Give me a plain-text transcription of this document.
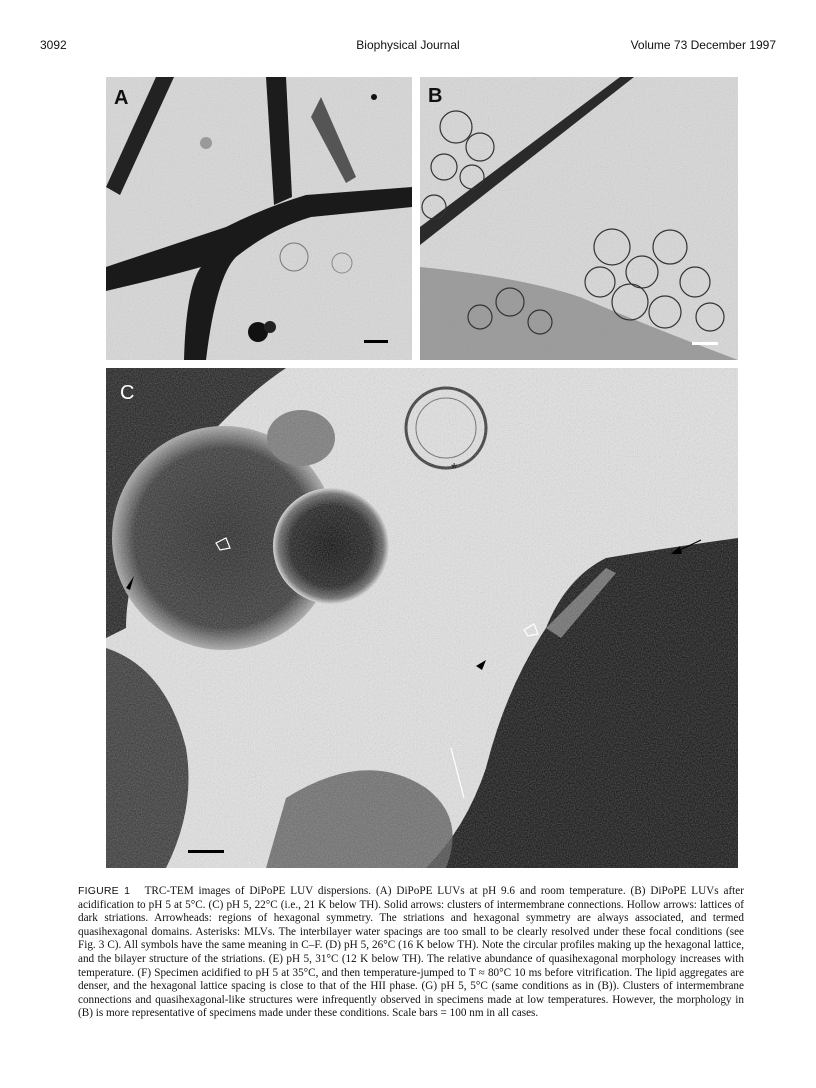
3092	Biophysical Journal	Volume 73 December 1997
A	B
C
FIGURE 1 TRC-TEM images of DiPoPE LUV dispersions. (A) DiPoPE LUVs at pH 9.6 and room temperature. (B) DiPoPE LUVs after acidification to pH 5 at 5°C. (C) pH 5, 22°C (i.e., 21 K below TH). Solid arrows: clusters of intermembrane connections. Hollow arrows: lattices of dark striations. Arrowheads: regions of hexagonal symmetry. The striations and hexagonal symmetry are always associated, and termed quasihexagonal domains. Asterisks: MLVs. The interbilayer water spacings are too small to be clearly resolved under these focal conditions (see Fig. 3 C). All symbols have the same meaning in C–F. (D) pH 5, 26°C (16 K below TH). Note the circular profiles making up the hexagonal lattice, and the bilayer structure of the striations. (E) pH 5, 31°C (12 K below TH). The relative abundance of quasihexagonal morphology increases with temperature. (F) Specimen acidified to pH 5 at 35°C, and then temperature-jumped to T ≈ 80°C 10 ms before vitrification. The lipid aggregates are denser, and the hexagonal lattice spacing is close to that of the HII phase. (G) pH 5, 5°C (same conditions as in (B)). Clusters of intermembrane connections and quasihexagonal-like structures were infrequently observed in specimens made at low temperatures. However, the morphology in (B) is more representative of specimens made under these conditions. Scale bars = 100 nm in all cases.
